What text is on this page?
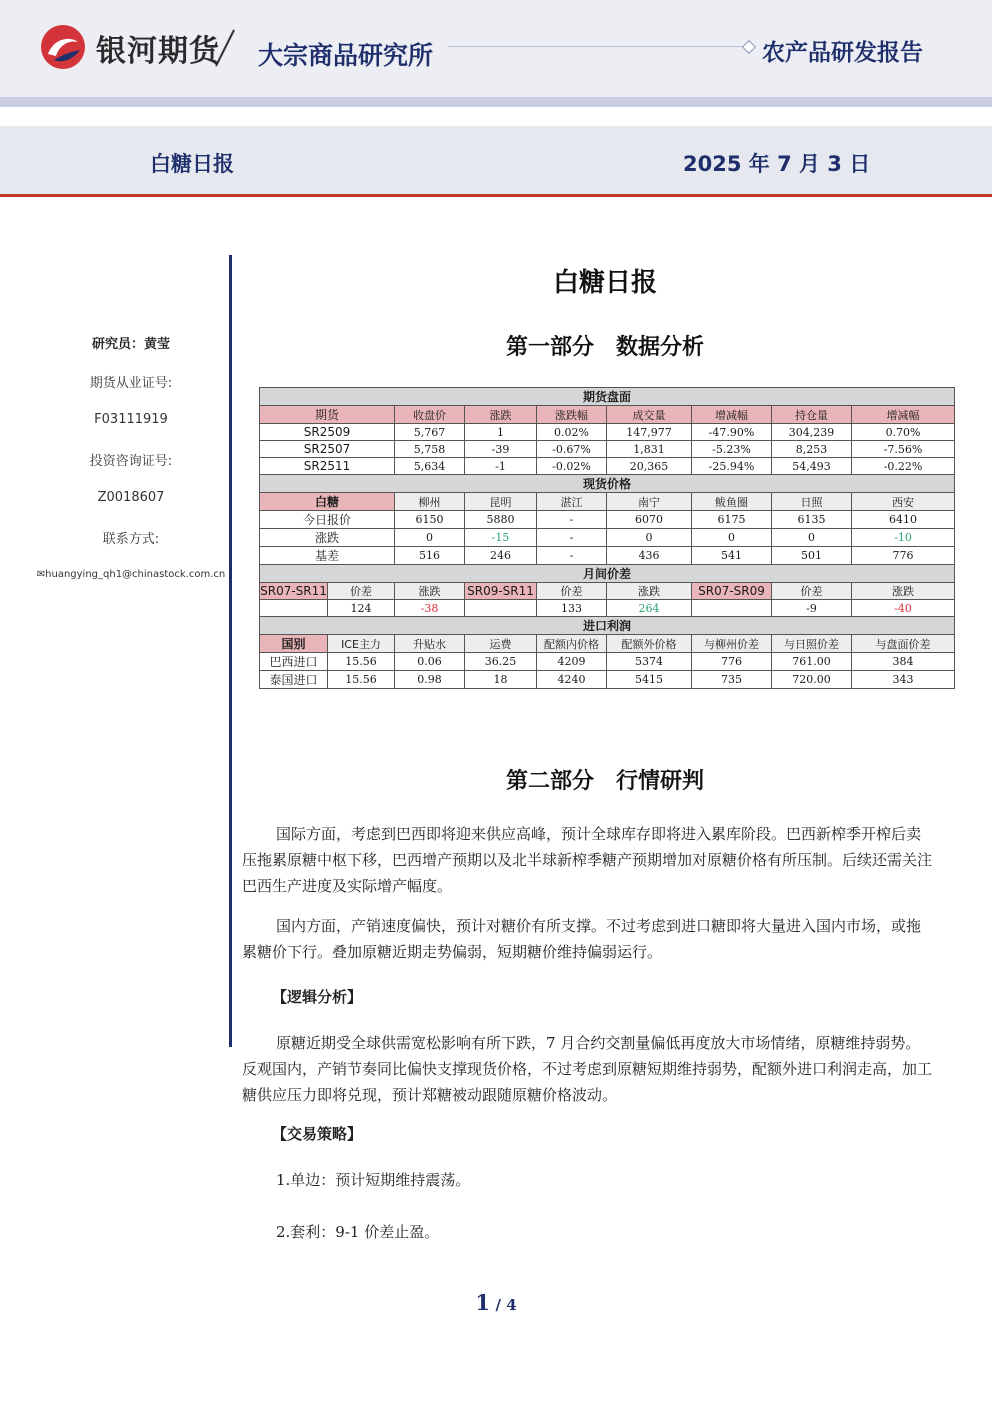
银河期货 大宗商品研究所	农产品研发报告
白糖日报	2025 年 7 月 3 日
研究员：黄莹
期货从业证号:
F03111919
投资咨询证号:
Z0018607
联系方式:
✉huangying_qh1@chinastock.com.cn
白糖日报
第一部分　数据分析
期货盘面								
期货		收盘价	涨跌	涨跌幅	成交量	增减幅	持仓量	增减幅
SR2509		5,767	1	0.02%	147,977	-47.90%	304,239	0.70%
SR2507		5,758	-39	-0.67%	1,831	-5.23%	8,253	-7.56%
SR2511		5,634	-1	-0.02%	20,365	-25.94%	54,493	-0.22%
现货价格								
白糖		柳州	昆明	湛江	南宁	鲅鱼圈	日照	西安
今日报价		6150	5880	-	6070	6175	6135	6410
涨跌		0	-15	-	0	0	0	-10
基差		516	246	-	436	541	501	776
月间价差								
SR07-SR11	价差	涨跌	SR09-SR11	价差	涨跌	SR07-SR09	价差	涨跌
	124	-38		133	264		-9	-40
进口利润								
国别	ICE主力	升贴水	运费	配额内价格	配额外价格	与柳州价差	与日照价差	与盘面价差
巴西进口	15.56	0.06	36.25	4209	5374	776	761.00	384
泰国进口	15.56	0.98	18	4240	5415	735	720.00	343
第二部分　行情研判
国际方面，考虑到巴西即将迎来供应高峰，预计全球库存即将进入累库阶段。巴西新榨季开榨后卖压拖累原糖中枢下移，巴西增产预期以及北半球新榨季糖产预期增加对原糖价格有所压制。后续还需关注巴西生产进度及实际增产幅度。
国内方面，产销速度偏快，预计对糖价有所支撑。不过考虑到进口糖即将大量进入国内市场，或拖累糖价下行。叠加原糖近期走势偏弱，短期糖价维持偏弱运行。
【逻辑分析】
原糖近期受全球供需宽松影响有所下跌，7 月合约交割量偏低再度放大市场情绪，原糖维持弱势。反观国内，产销节奏同比偏快支撑现货价格，不过考虑到原糖短期维持弱势，配额外进口利润走高，加工糖供应压力即将兑现，预计郑糖被动跟随原糖价格波动。
【交易策略】
1.单边：预计短期维持震荡。
2.套利：9-1 价差止盈。
1 / 4
